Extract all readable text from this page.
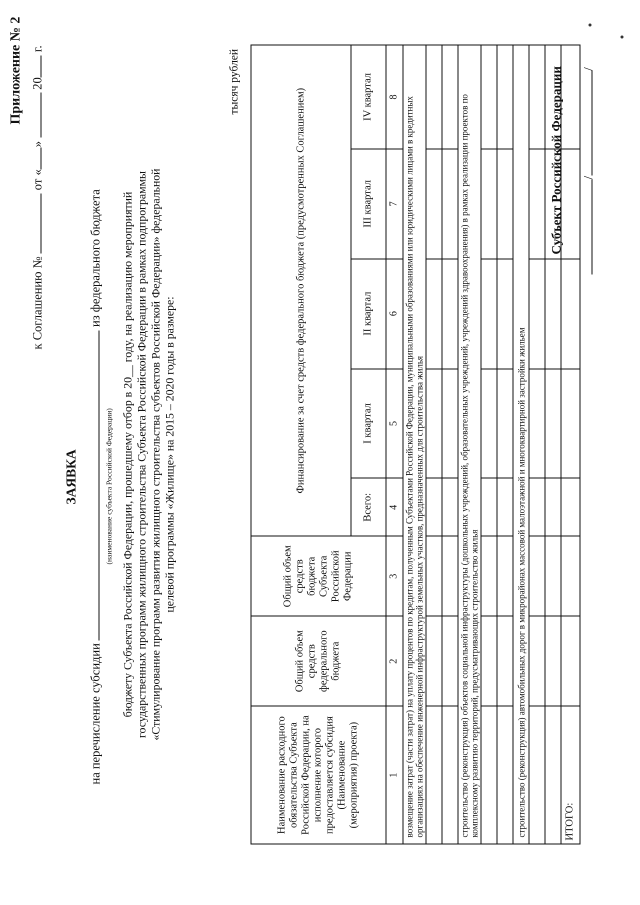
Приложение № 2
к Соглашению №  от «»  20 г.
ЗАЯВКА
на перечисление субсидии  из федерального бюджета
(наименование субъекта Российской Федерации) бюджету Субъекта Российской Федерации, прошедшему отбор в 20__ году, на реализацию мероприятий государственных программ жилищного строительства Субъекта Российской Федерации в рамках подпрограммы «Стимулирование программ развития жилищного строительства субъектов Российской Федерации» федеральной целевой программы «Жилище» на 2015 – 2020 годы в размере:
тысяч рублей
Наименование расходного обязательства Субъекта Российской Федерации, на исполнение которого предоставляется субсидия (Наименование (мероприятия) проекта)	Общий объем средств федерального бюджета	Общий объем средств бюджета Субъекта Российской Федерации	Финансирование за счет средств федерального бюджета (предусмотренных Соглашением)				
			Всего:	I квартал	II квартал	III квартал	IV квартал
1	2	3	4	5	6	7	8
возмещение затрат (части затрат) на уплату процентов по кредитам, полученным Субъектами Российской Федерации, муниципальными образованиями или юридическими лицами в кредитных организациях на обеспечение инженерной инфраструктурой земельных участков, предназначенных для строительства жилья							

строительство (реконструкция) объектов социальной инфраструктуры (дошкольных учреждений, образовательных учреждений, учреждений здравоохранения) в рамках реализации проектов по комплексному развитию территорий, предусматривающих строительство жилья							

строительство (реконструкция) автомобильных дорог в микрорайонах массовой малоэтажной и многоквартирной застройки жильем							

ИТОГО:							
Субъект Российской Федерации //
